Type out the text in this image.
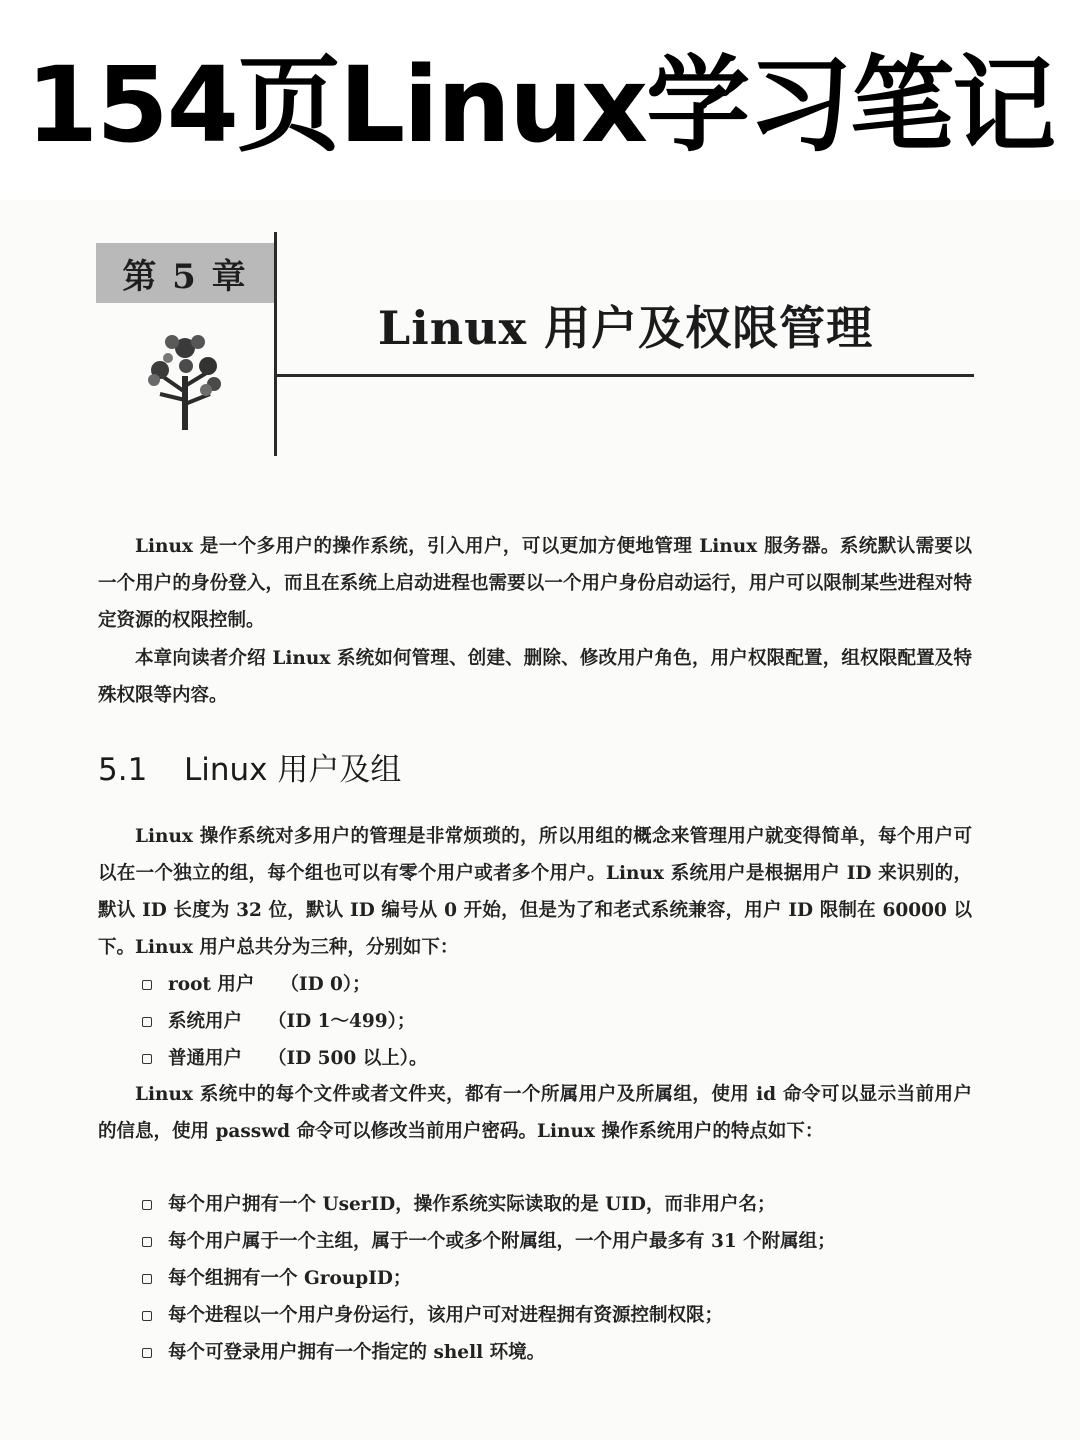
154页Linux学习笔记
第 5 章
Linux 用户及权限管理

Linux 是一个多用户的操作系统，引入用户，可以更加方便地管理 Linux 服务器。系统默认需要以一个用户的身份登入，而且在系统上启动进程也需要以一个用户身份启动运行，用户可以限制某些进程对特定资源的权限控制。

本章向读者介绍 Linux 系统如何管理、创建、删除、修改用户角色，用户权限配置，组权限配置及特殊权限等内容。

5.1 Linux 用户及组

Linux 操作系统对多用户的管理是非常烦琐的，所以用组的概念来管理用户就变得简单，每个用户可以在一个独立的组，每个组也可以有零个用户或者多个用户。Linux 系统用户是根据用户 ID 来识别的，默认 ID 长度为 32 位，默认 ID 编号从 0 开始，但是为了和老式系统兼容，用户 ID 限制在 60000 以下。Linux 用户总共分为三种，分别如下：

root 用户 （ID 0）；
系统用户 （ID 1～499）；
普通用户 （ID 500 以上）。

Linux 系统中的每个文件或者文件夹，都有一个所属用户及所属组，使用 id 命令可以显示当前用户的信息，使用 passwd 命令可以修改当前用户密码。Linux 操作系统用户的特点如下：

每个用户拥有一个 UserID，操作系统实际读取的是 UID，而非用户名；
每个用户属于一个主组，属于一个或多个附属组，一个用户最多有 31 个附属组；
每个组拥有一个 GroupID；
每个进程以一个用户身份运行，该用户可对进程拥有资源控制权限；
每个可登录用户拥有一个指定的 shell 环境。
